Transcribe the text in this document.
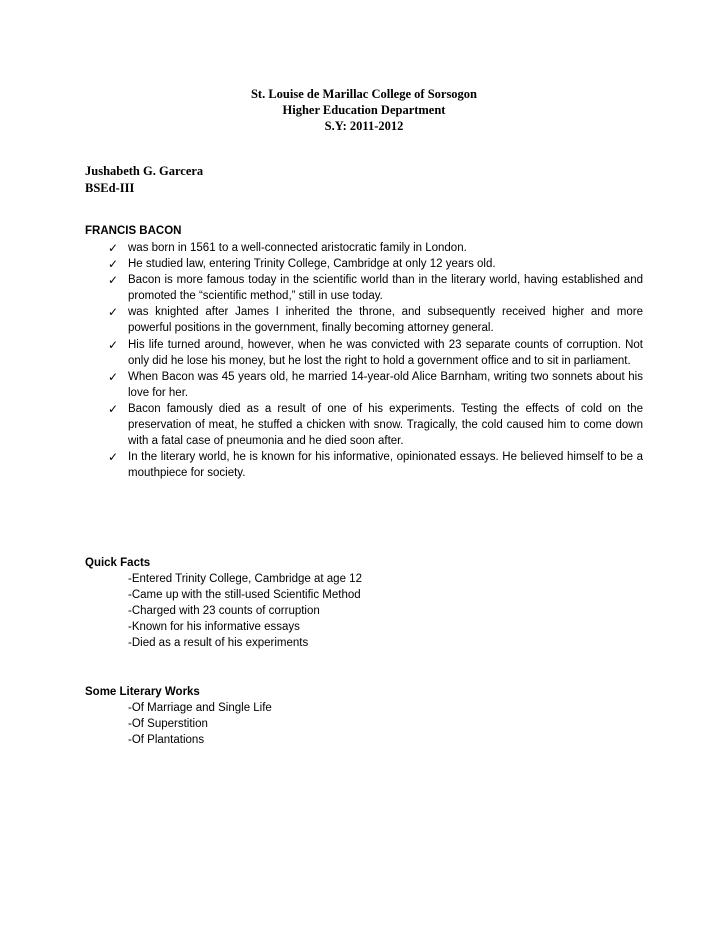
St. Louise de Marillac College of Sorsogon
Higher Education Department
S.Y: 2011-2012
Jushabeth G. Garcera
BSEd-III
FRANCIS BACON
✓ was born in 1561 to a well-connected aristocratic family in London.
✓ He studied law, entering Trinity College, Cambridge at only 12 years old.
✓ Bacon is more famous today in the scientific world than in the literary world, having established and promoted the “scientific method,” still in use today.
✓ was knighted after James I inherited the throne, and subsequently received higher and more powerful positions in the government, finally becoming attorney general.
✓ His life turned around, however, when he was convicted with 23 separate counts of corruption. Not only did he lose his money, but he lost the right to hold a government office and to sit in parliament.
✓ When Bacon was 45 years old, he married 14-year-old Alice Barnham, writing two sonnets about his love for her.
✓ Bacon famously died as a result of one of his experiments. Testing the effects of cold on the preservation of meat, he stuffed a chicken with snow. Tragically, the cold caused him to come down with a fatal case of pneumonia and he died soon after.
✓ In the literary world, he is known for his informative, opinionated essays. He believed himself to be a mouthpiece for society.
Quick Facts
-Entered Trinity College, Cambridge at age 12
-Came up with the still-used Scientific Method
-Charged with 23 counts of corruption
-Known for his informative essays
-Died as a result of his experiments
Some Literary Works
-Of Marriage and Single Life
-Of Superstition
-Of Plantations
